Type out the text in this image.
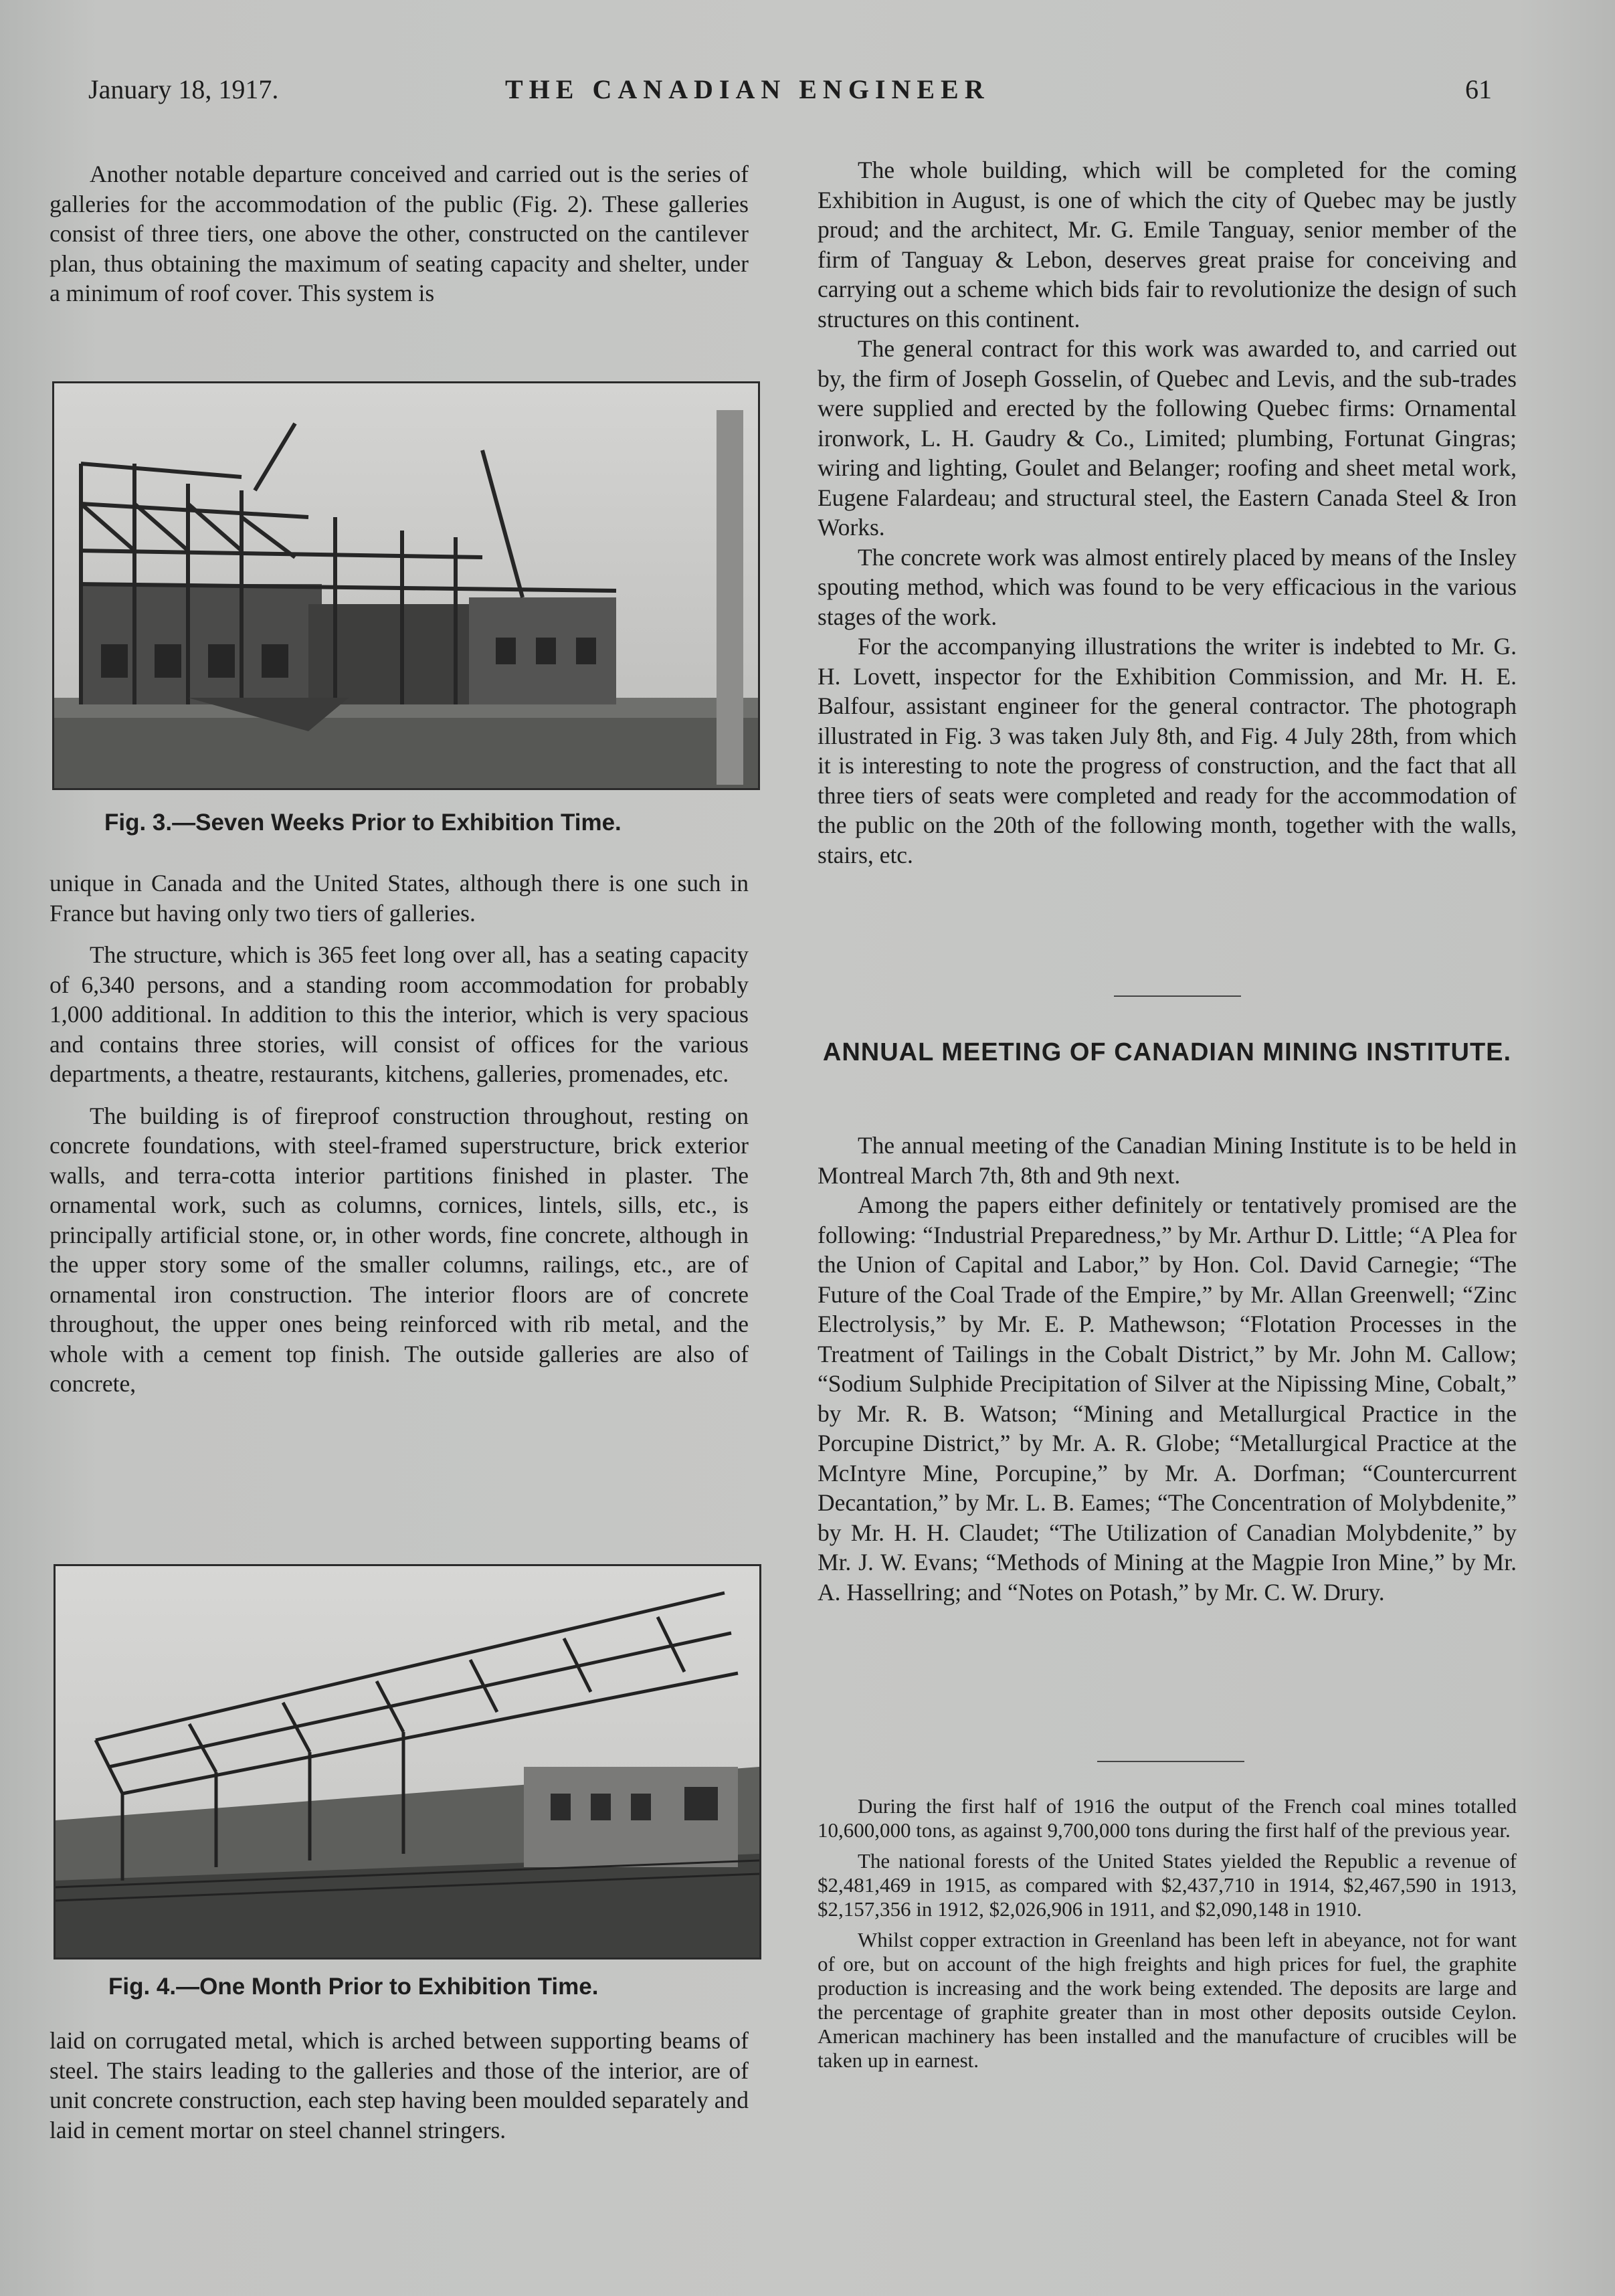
January 18, 1917.	THE CANADIAN ENGINEER	61

Another notable departure conceived and carried out is the series of galleries for the accommodation of the public (Fig. 2). These galleries consist of three tiers, one above the other, constructed on the cantilever plan, thus obtaining the maximum of seating capacity and shelter, under a minimum of roof cover. This system is

Fig. 3.—Seven Weeks Prior to Exhibition Time.

unique in Canada and the United States, although there is one such in France but having only two tiers of galleries.

The structure, which is 365 feet long over all, has a seating capacity of 6,340 persons, and a standing room accommodation for probably 1,000 additional. In addition to this the interior, which is very spacious and contains three stories, will consist of offices for the various departments, a theatre, restaurants, kitchens, galleries, promenades, etc.

The building is of fireproof construction throughout, resting on concrete foundations, with steel-framed superstructure, brick exterior walls, and terra-cotta interior partitions finished in plaster. The ornamental work, such as columns, cornices, lintels, sills, etc., is principally artificial stone, or, in other words, fine concrete, although in the upper story some of the smaller columns, railings, etc., are of ornamental iron construction. The interior floors are of concrete throughout, the upper ones being reinforced with rib metal, and the whole with a cement top finish. The outside galleries are also of concrete,

Fig. 4.—One Month Prior to Exhibition Time.

laid on corrugated metal, which is arched between supporting beams of steel. The stairs leading to the galleries and those of the interior, are of unit concrete construction, each step having been moulded separately and laid in cement mortar on steel channel stringers.

The whole building, which will be completed for the coming Exhibition in August, is one of which the city of Quebec may be justly proud; and the architect, Mr. G. Emile Tanguay, senior member of the firm of Tanguay & Lebon, deserves great praise for conceiving and carrying out a scheme which bids fair to revolutionize the design of such structures on this continent.

The general contract for this work was awarded to, and carried out by, the firm of Joseph Gosselin, of Quebec and Levis, and the sub-trades were supplied and erected by the following Quebec firms: Ornamental ironwork, L. H. Gaudry & Co., Limited; plumbing, Fortunat Gingras; wiring and lighting, Goulet and Belanger; roofing and sheet metal work, Eugene Falardeau; and structural steel, the Eastern Canada Steel & Iron Works.

The concrete work was almost entirely placed by means of the Insley spouting method, which was found to be very efficacious in the various stages of the work.

For the accompanying illustrations the writer is indebted to Mr. G. H. Lovett, inspector for the Exhibition Commission, and Mr. H. E. Balfour, assistant engineer for the general contractor. The photograph illustrated in Fig. 3 was taken July 8th, and Fig. 4 July 28th, from which it is interesting to note the progress of construction, and the fact that all three tiers of seats were completed and ready for the accommodation of the public on the 20th of the following month, together with the walls, stairs, etc.

ANNUAL MEETING OF CANADIAN MINING INSTITUTE.

The annual meeting of the Canadian Mining Institute is to be held in Montreal March 7th, 8th and 9th next.

Among the papers either definitely or tentatively promised are the following: “Industrial Preparedness,” by Mr. Arthur D. Little; “A Plea for the Union of Capital and Labor,” by Hon. Col. David Carnegie; “The Future of the Coal Trade of the Empire,” by Mr. Allan Greenwell; “Zinc Electrolysis,” by Mr. E. P. Mathewson; “Flotation Processes in the Treatment of Tailings in the Cobalt District,” by Mr. John M. Callow; “Sodium Sulphide Precipitation of Silver at the Nipissing Mine, Cobalt,” by Mr. R. B. Watson; “Mining and Metallurgical Practice in the Porcupine District,” by Mr. A. R. Globe; “Metallurgical Practice at the McIntyre Mine, Porcupine,” by Mr. A. Dorfman; “Countercurrent Decantation,” by Mr. L. B. Eames; “The Concentration of Molybdenite,” by Mr. H. H. Claudet; “The Utilization of Canadian Molybdenite,” by Mr. J. W. Evans; “Methods of Mining at the Magpie Iron Mine,” by Mr. A. Hassellring; and “Notes on Potash,” by Mr. C. W. Drury.

During the first half of 1916 the output of the French coal mines totalled 10,600,000 tons, as against 9,700,000 tons during the first half of the previous year.

The national forests of the United States yielded the Republic a revenue of $2,481,469 in 1915, as compared with $2,437,710 in 1914, $2,467,590 in 1913, $2,157,356 in 1912, $2,026,906 in 1911, and $2,090,148 in 1910.

Whilst copper extraction in Greenland has been left in abeyance, not for want of ore, but on account of the high freights and high prices for fuel, the graphite production is increasing and the work being extended. The deposits are large and the percentage of graphite greater than in most other deposits outside Ceylon. American machinery has been installed and the manufacture of crucibles will be taken up in earnest.
